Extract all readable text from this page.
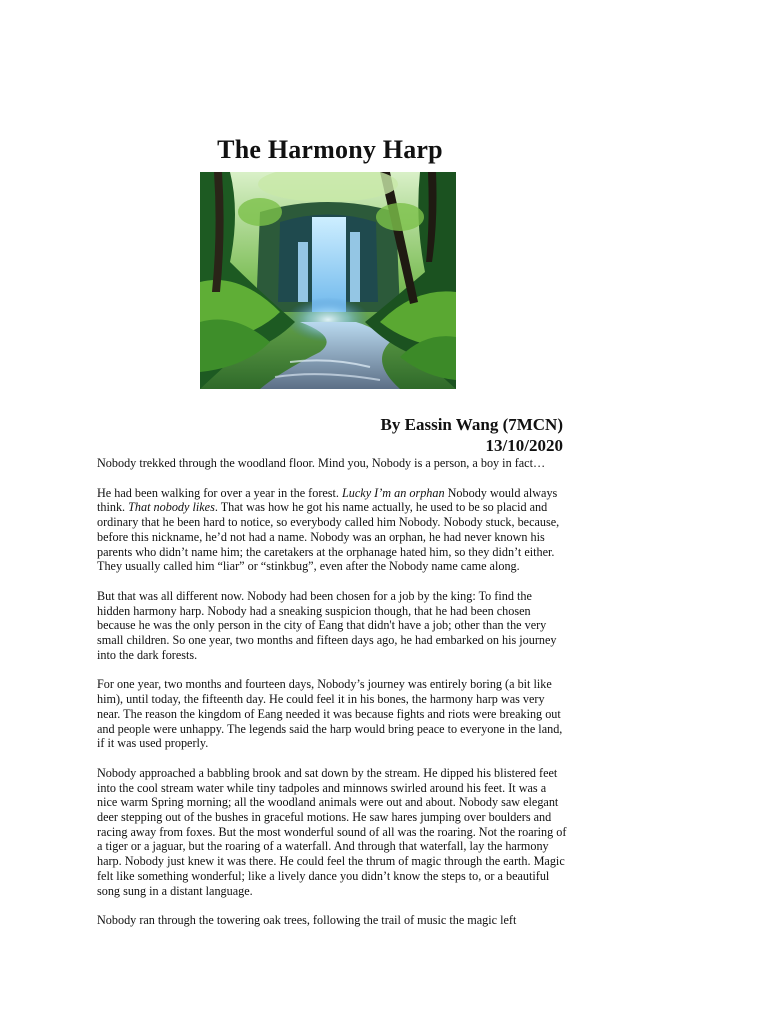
The Harmony Harp
By Eassin Wang (7MCN)
13/10/2020

Nobody trekked through the woodland floor. Mind you, Nobody is a person, a boy in fact…

He had been walking for over a year in the forest. Lucky I’m an orphan Nobody would always think. That nobody likes. That was how he got his name actually, he used to be so placid and ordinary that he been hard to notice, so everybody called him Nobody. Nobody stuck, because, before this nickname, he’d not had a name. Nobody was an orphan, he had never known his parents who didn’t name him; the caretakers at the orphanage hated him, so they didn’t either. They usually called him “liar” or “stinkbug”, even after the Nobody name came along.

But that was all different now. Nobody had been chosen for a job by the king: To find the hidden harmony harp. Nobody had a sneaking suspicion though, that he had been chosen because he was the only person in the city of Eang that didn't have a job; other than the very small children. So one year, two months and fifteen days ago, he had embarked on his journey into the dark forests.

For one year, two months and fourteen days, Nobody’s journey was entirely boring (a bit like him), until today, the fifteenth day. He could feel it in his bones, the harmony harp was very near. The reason the kingdom of Eang needed it was because fights and riots were breaking out and people were unhappy. The legends said the harp would bring peace to everyone in the land, if it was used properly.

Nobody approached a babbling brook and sat down by the stream. He dipped his blistered feet into the cool stream water while tiny tadpoles and minnows swirled around his feet. It was a nice warm Spring morning; all the woodland animals were out and about. Nobody saw elegant deer stepping out of the bushes in graceful motions. He saw hares jumping over boulders and racing away from foxes. But the most wonderful sound of all was the roaring. Not the roaring of a tiger or a jaguar, but the roaring of a waterfall. And through that waterfall, lay the harmony harp. Nobody just knew it was there. He could feel the thrum of magic through the earth. Magic felt like something wonderful; like a lively dance you didn’t know the steps to, or a beautiful song sung in a distant language.

Nobody ran through the towering oak trees, following the trail of music the magic left
